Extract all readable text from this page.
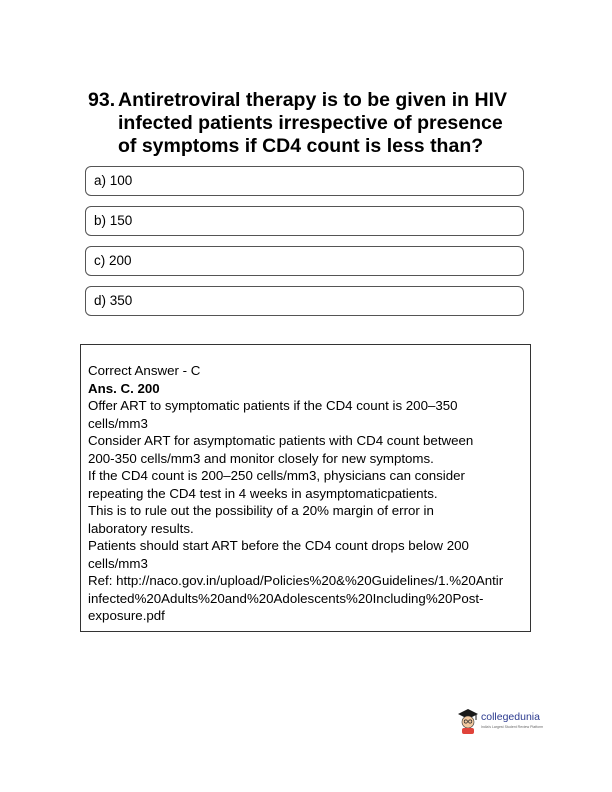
93. Antiretroviral therapy is to be given in HIV
infected patients irrespective of presence
of symptoms if CD4 count is less than?
a) 100
b) 150
c) 200
d) 350
Correct Answer - C
Ans. C. 200
Offer ART to symptomatic patients if the CD4 count is 200–350
cells/mm3
Consider ART for asymptomatic patients with CD4 count between
200-350 cells/mm3 and monitor closely for new symptoms.
If the CD4 count is 200–250 cells/mm3, physicians can consider
repeating the CD4 test in 4 weeks in asymptomaticpatients.
This is to rule out the possibility of a 20% margin of error in
laboratory results.
Patients should start ART before the CD4 count drops below 200
cells/mm3
Ref: http://naco.gov.in/upload/Policies%20&%20Guidelines/1.%20Antir
infected%20Adults%20and%20Adolescents%20Including%20Post-
exposure.pdf
collegedunia
India's Largest Student Review Platform
